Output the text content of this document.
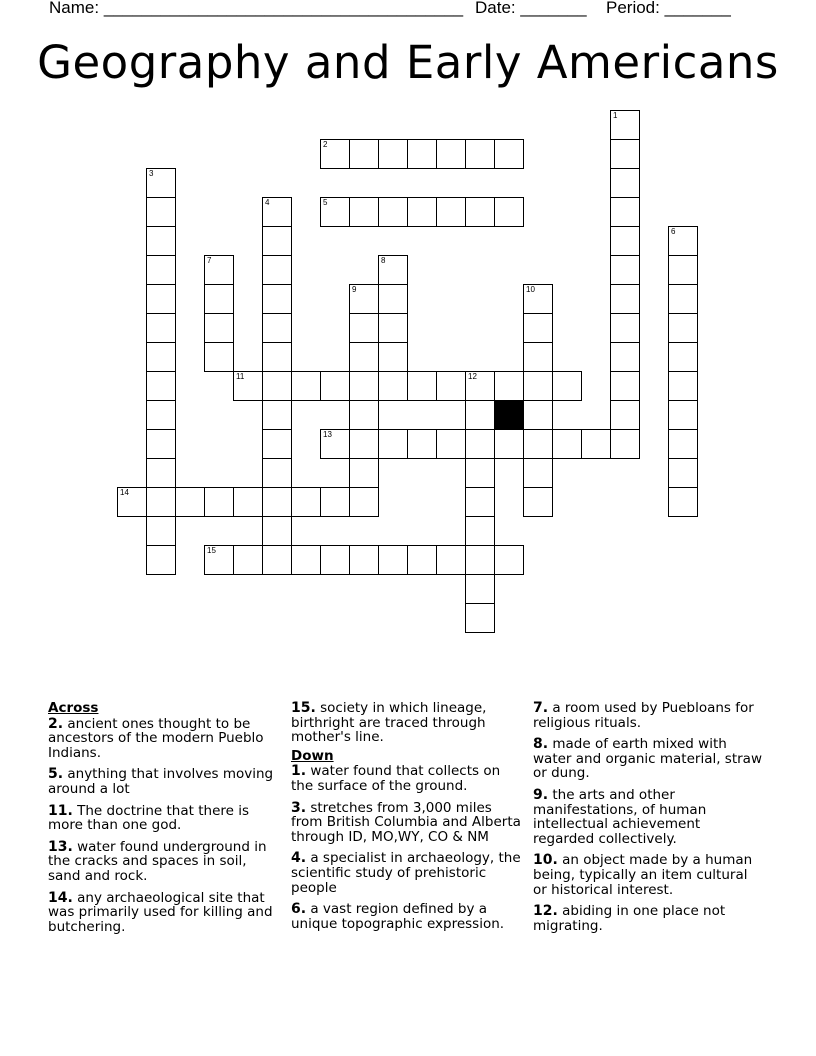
Name: ______________________________________ Date: _______ Period: _______
Geography and Early Americans
1
2
3
4	5
6
7	8
9	10
11	12
13
14
15
Across
2. ancient ones thought to be ancestors of the modern Pueblo Indians.
5. anything that involves moving around a lot
11. The doctrine that there is more than one god.
13. water found underground in the cracks and spaces in soil, sand and rock.
14. any archaeological site that was primarily used for killing and butchering.
15. society in which lineage, birthright are traced through mother's line.
Down
1. water found that collects on the surface of the ground.
3. stretches from 3,000 miles from British Columbia and Alberta through ID, MO,WY, CO & NM
4. a specialist in archaeology, the scientific study of prehistoric people
6. a vast region defined by a unique topographic expression.
7. a room used by Puebloans for religious rituals.
8. made of earth mixed with water and organic material, straw or dung.
9. the arts and other manifestations, of human intellectual achievement regarded collectively.
10. an object made by a human being, typically an item cultural or historical interest.
12. abiding in one place not migrating.
